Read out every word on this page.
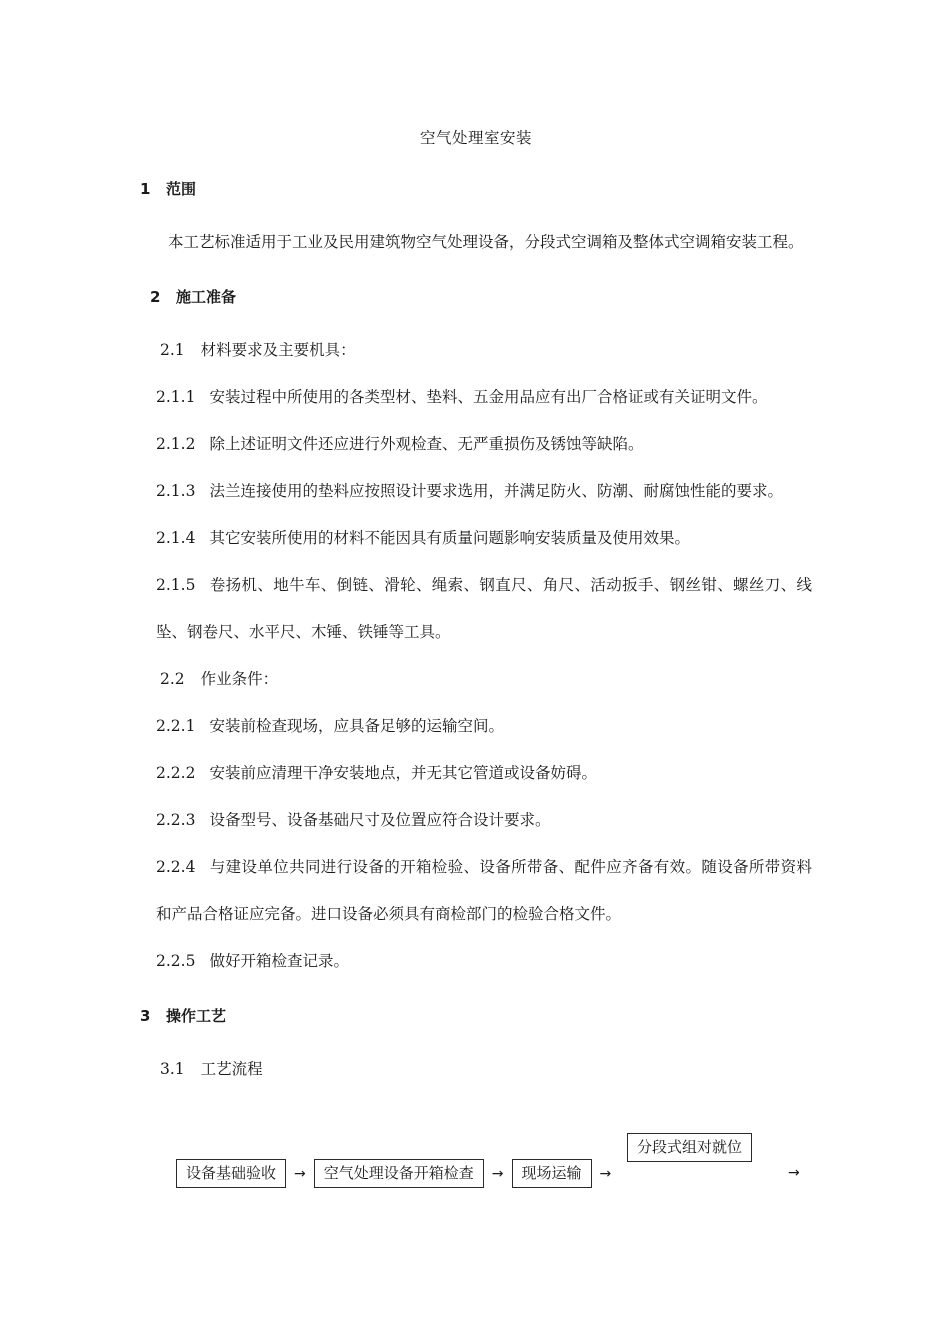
空气处理室安装
1 范围
本工艺标准适用于工业及民用建筑物空气处理设备，分段式空调箱及整体式空调箱安装工程。
2 施工准备
2.1 材料要求及主要机具：
2.1.1 安装过程中所使用的各类型材、垫料、五金用品应有出厂合格证或有关证明文件。
2.1.2 除上述证明文件还应进行外观检查、无严重损伤及锈蚀等缺陷。
2.1.3 法兰连接使用的垫料应按照设计要求选用，并满足防火、防潮、耐腐蚀性能的要求。
2.1.4 其它安装所使用的材料不能因具有质量问题影响安装质量及使用效果。
2.1.5 卷扬机、地牛车、倒链、滑轮、绳索、钢直尺、角尺、活动扳手、钢丝钳、螺丝刀、线坠、钢卷尺、水平尺、木锤、铁锤等工具。
2.2 作业条件：
2.2.1 安装前检查现场，应具备足够的运输空间。
2.2.2 安装前应清理干净安装地点，并无其它管道或设备妨碍。
2.2.3 设备型号、设备基础尺寸及位置应符合设计要求。
2.2.4 与建设单位共同进行设备的开箱检验、设备所带备、配件应齐备有效。随设备所带资料和产品合格证应完备。进口设备必须具有商检部门的检验合格文件。
2.2.5 做好开箱检查记录。
3 操作工艺
3.1 工艺流程
设备基础验收	→	空气处理设备开箱检查	→	现场运输	→
分段式组对就位
→
